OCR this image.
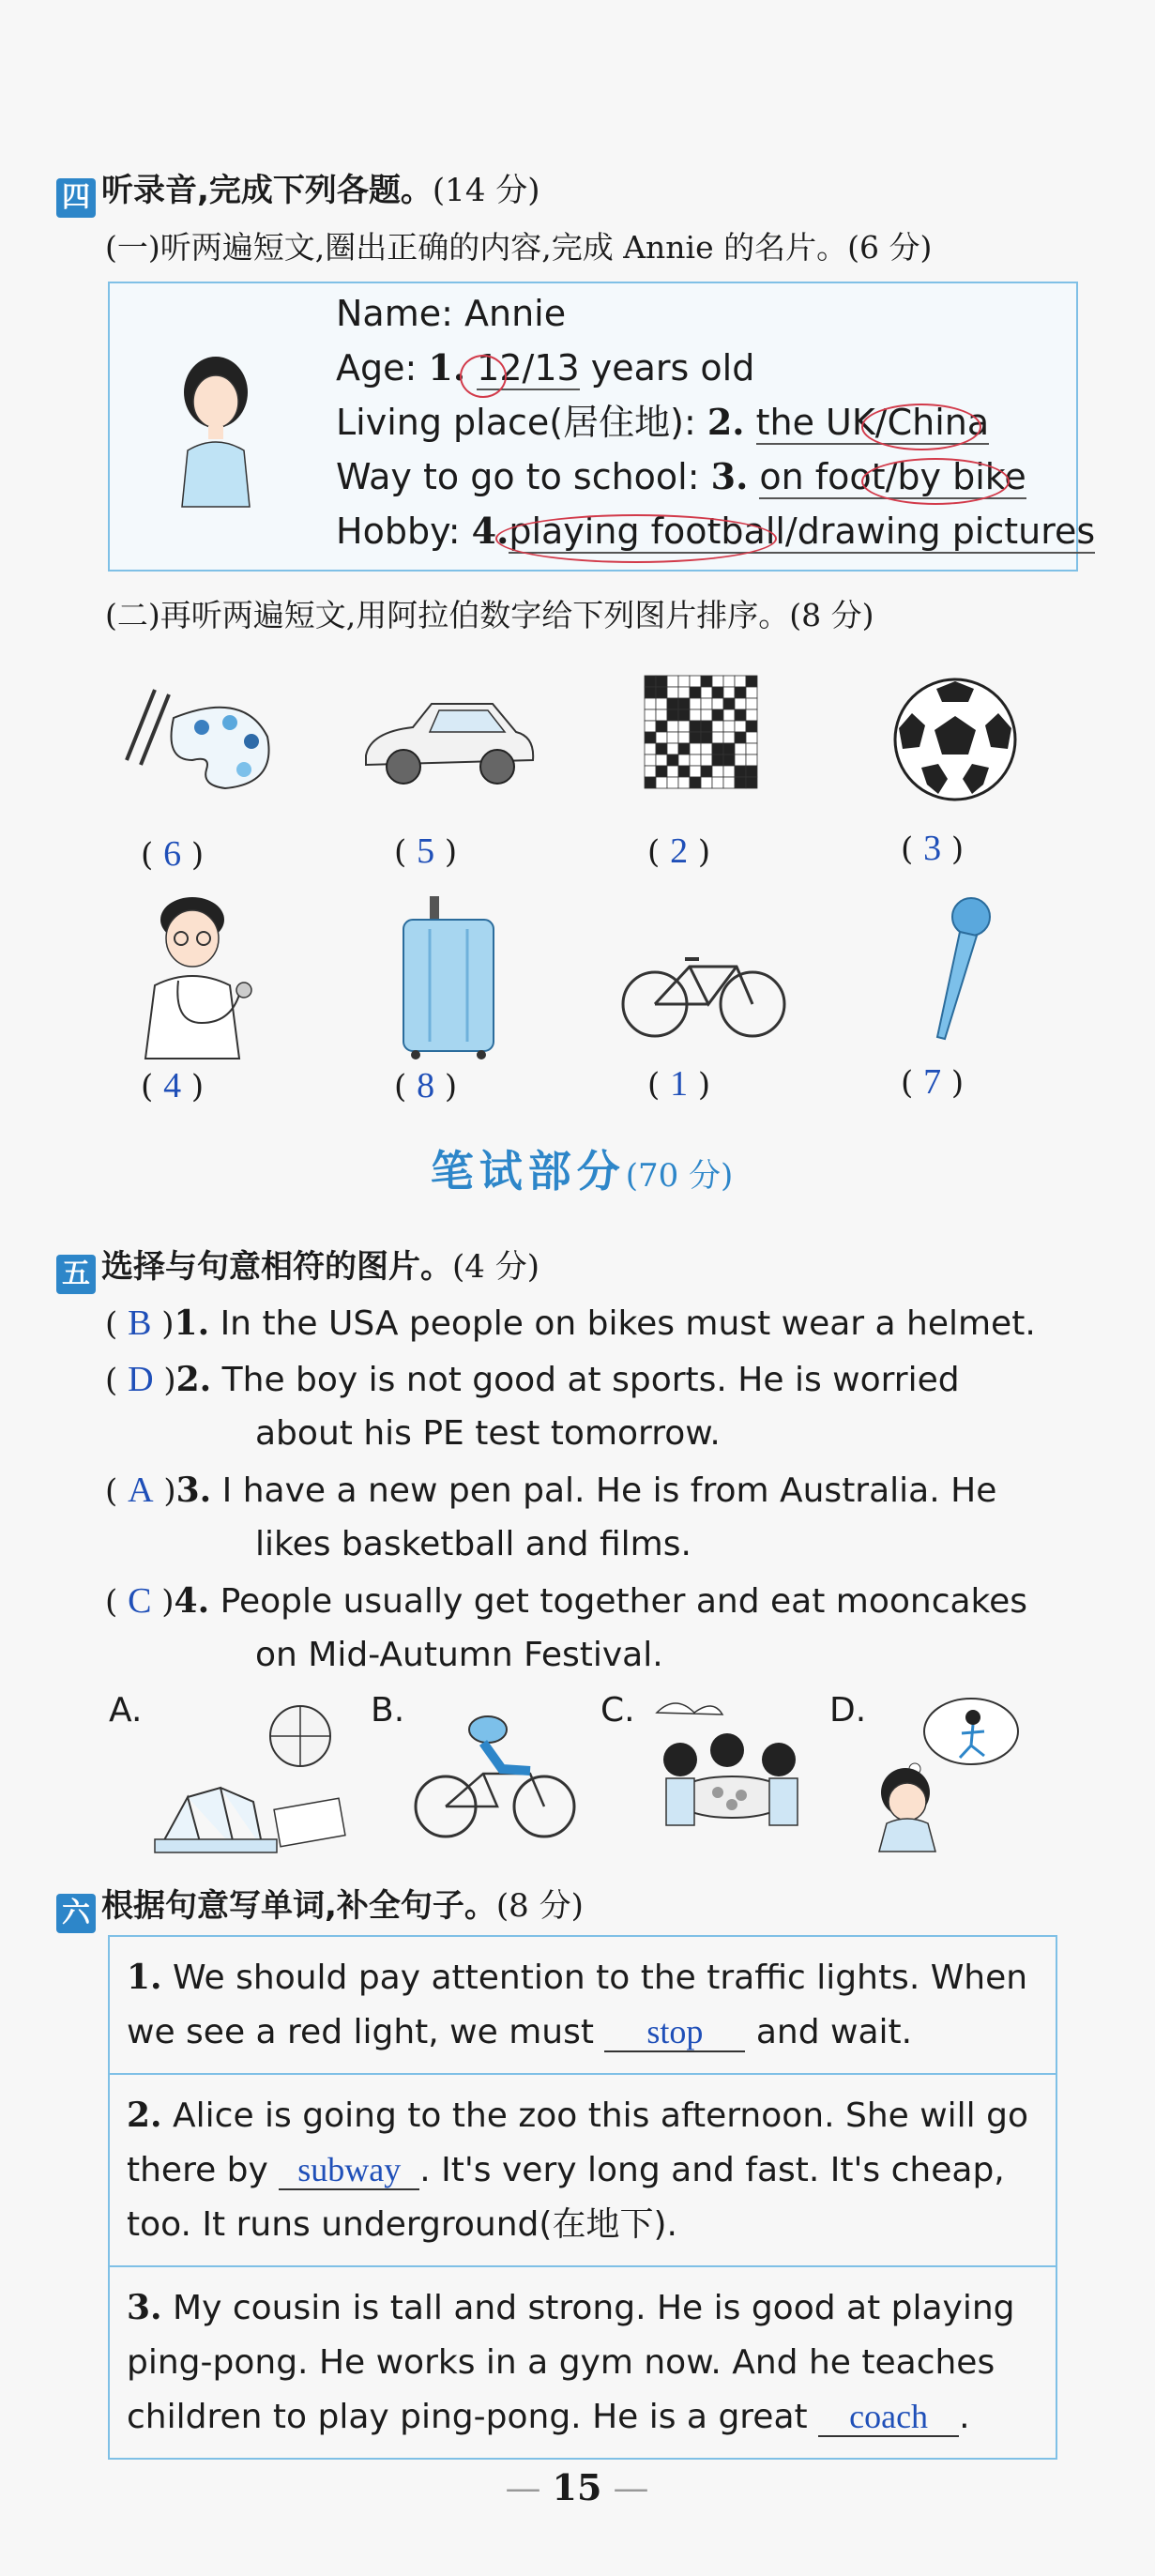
四 听录音,完成下列各题。(14 分)
(一)听两遍短文,圈出正确的内容,完成 Annie 的名片。(6 分)
Name: Annie
Age: 1. 12/13 years old
Living place(居住地): 2. the UK/China
Way to go to school: 3. on foot/by bike
Hobby: 4.playing football/drawing pictures
(二)再听两遍短文,用阿拉伯数字给下列图片排序。(8 分)
( 6 )	( 5 )	( 2 )	( 3 )
( 4 )	( 8 )	( 1 )	( 7 )
笔试部分(70 分)
五 选择与句意相符的图片。(4 分)
( B )1. In the USA people on bikes must wear a helmet.
( D )2. The boy is not good at sports. He is worried
about his PE test tomorrow.
( A )3. I have a new pen pal. He is from Australia. He
likes basketball and films.
( C )4. People usually get together and eat mooncakes
on Mid-Autumn Festival.
A.	B.	C.	D.
六 根据句意写单词,补全句子。(8 分)
1. We should pay attention to the traffic lights. When
we see a red light, we must stop and wait.
2. Alice is going to the zoo this afternoon. She will go
there by subway . It's very long and fast. It's cheap,
too. It runs underground(在地下).
3. My cousin is tall and strong. He is good at playing
ping-pong. He works in a gym now. And he teaches
children to play ping-pong. He is a great coach .
— 15 —
